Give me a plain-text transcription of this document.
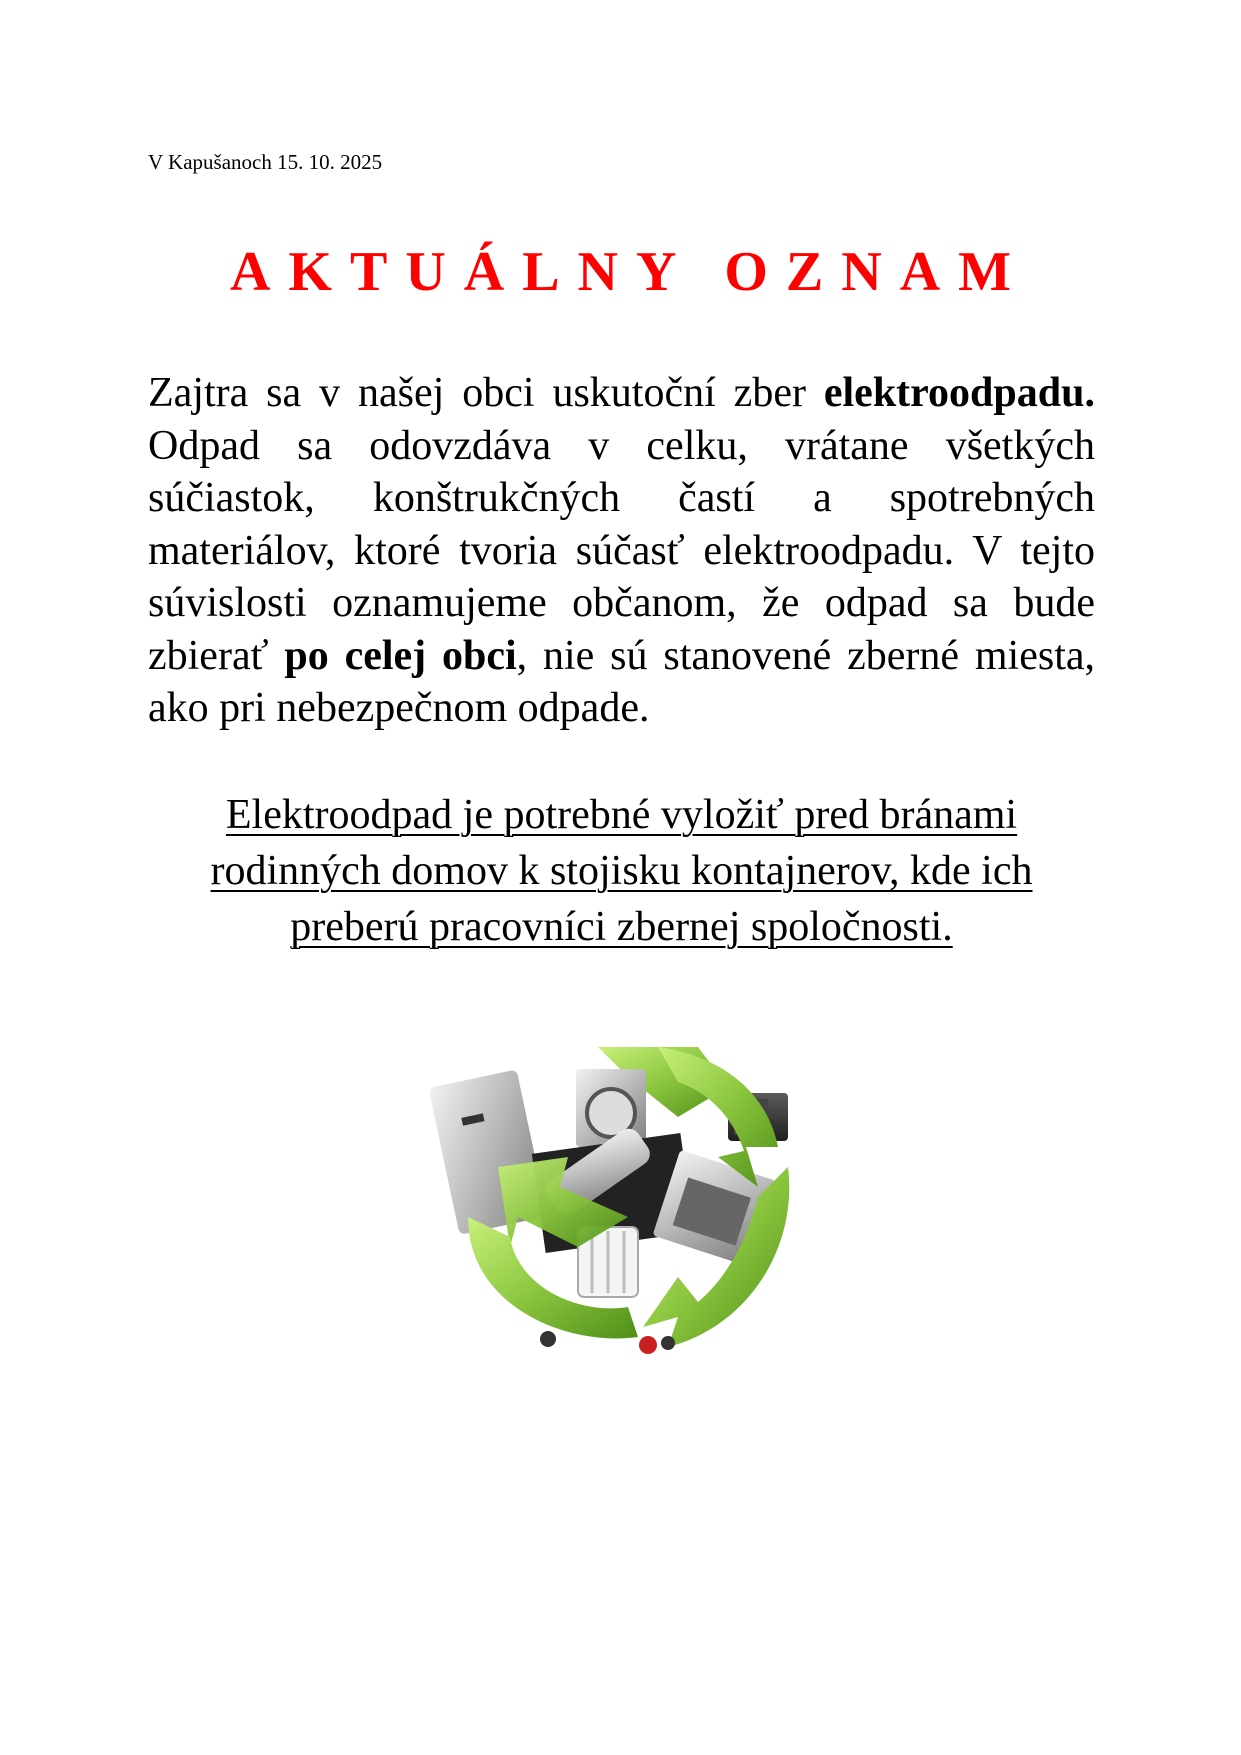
V Kapušanoch 15. 10. 2025
AKTUÁLNY OZNAM

Zajtra sa v našej obci uskutoční zber elektroodpadu. Odpad sa odovzdáva v celku, vrátane všetkých súčiastok, konštrukčných častí a spotrebných materiálov, ktoré tvoria súčasť elektroodpadu. V tejto súvislosti oznamujeme občanom, že odpad sa bude zbierať po celej obci, nie sú stanovené zberné miesta, ako pri nebezpečnom odpade.

Elektroodpad je potrebné vyložiť pred bránami rodinných domov k stojisku kontajnerov, kde ich preberú pracovníci zbernej spoločnosti.
